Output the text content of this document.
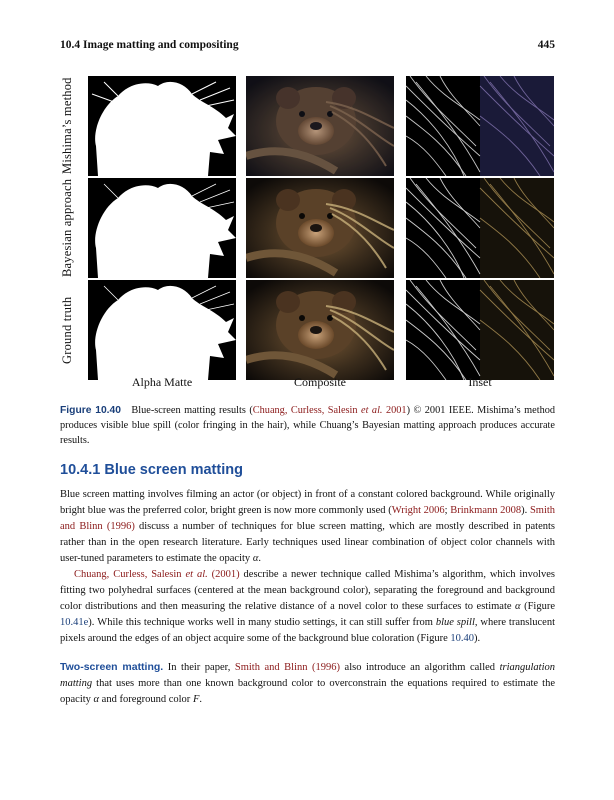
10.4 Image matting and compositing	445
Mishima’s method
Bayesian approach
Ground truth
Alpha Matte	Composite	Inset
Figure 10.40 Blue-screen matting results (Chuang, Curless, Salesin et al. 2001) © 2001 IEEE. Mishima’s method produces visible blue spill (color fringing in the hair), while Chuang’s Bayesian matting approach produces accurate results.
10.4.1 Blue screen matting

Blue screen matting involves filming an actor (or object) in front of a constant colored background. While originally bright blue was the preferred color, bright green is now more commonly used (Wright 2006; Brinkmann 2008). Smith and Blinn (1996) discuss a number of techniques for blue screen matting, which are mostly described in patents rather than in the open research literature. Early techniques used linear combination of object color channels with user-tuned parameters to estimate the opacity α.

Chuang, Curless, Salesin et al. (2001) describe a newer technique called Mishima’s algorithm, which involves fitting two polyhedral surfaces (centered at the mean background color), separating the foreground and background color distributions and then measuring the relative distance of a novel color to these surfaces to estimate α (Figure 10.41e). While this technique works well in many studio settings, it can still suffer from blue spill, where translucent pixels around the edges of an object acquire some of the background blue coloration (Figure 10.40).

Two-screen matting. In their paper, Smith and Blinn (1996) also introduce an algorithm called triangulation matting that uses more than one known background color to overconstrain the equations required to estimate the opacity α and foreground color F.
